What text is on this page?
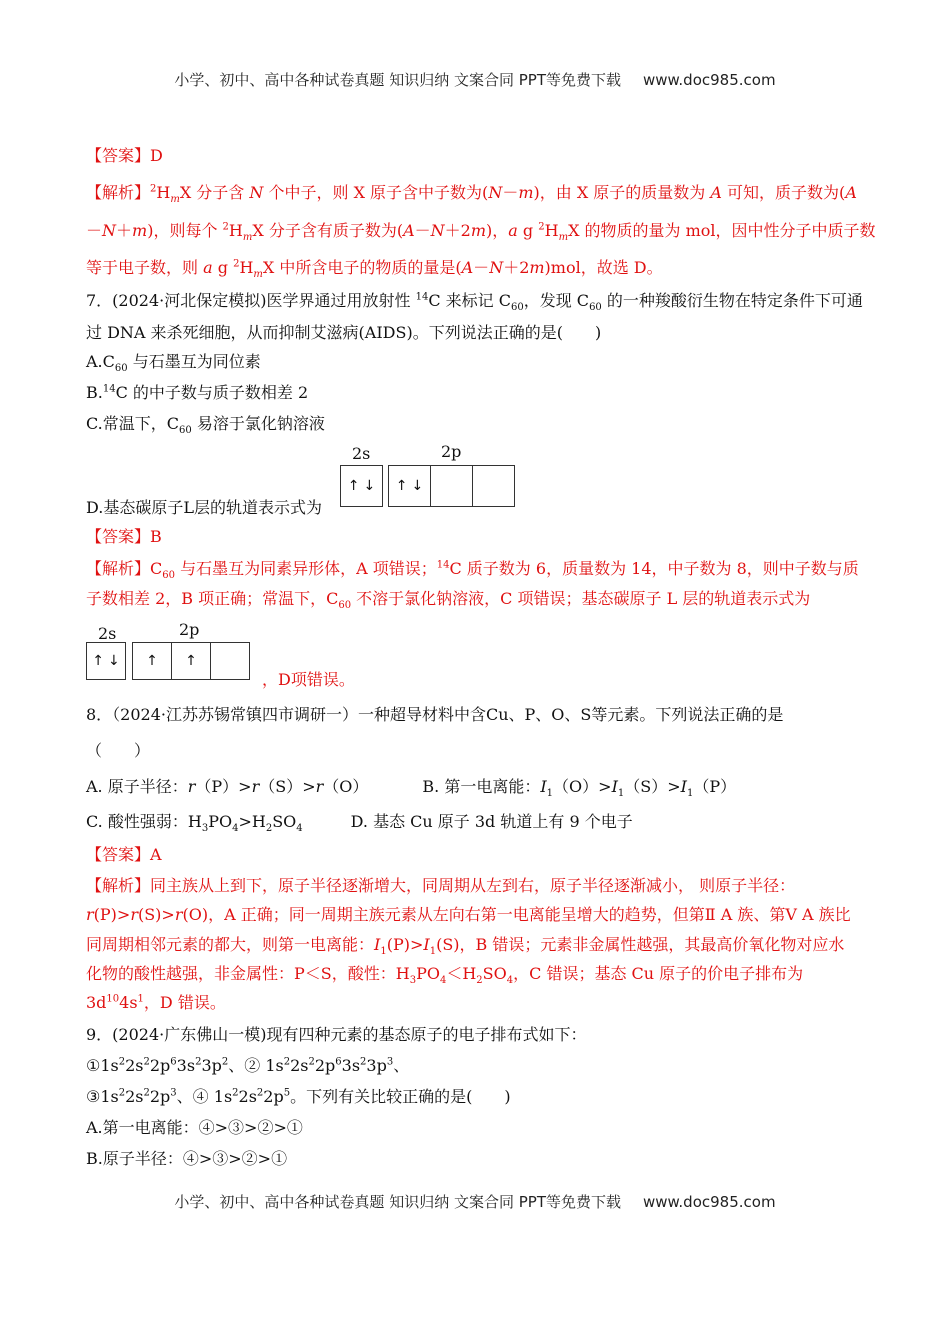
小学、初中、高中各种试卷真题 知识归纳 文案合同 PPT等免费下载 www.doc985.com
【答案】D
【解析】$^2H_mX$ 分子含 N 个中子，则 X 原子含中子数为(N－m)，由 X 原子的质量数为 A 可知，质子数为(A
－N＋m)，则每个 $^2H_mX$ 分子含有质子数为(A－N＋2m)，a g $^2H_mX$ 的物质的量为 mol，因中性分子中质子数
等于电子数，则 a g $^2H_mX$ 中所含电子的物质的量是(A－N＋2m)mol，故选 D。
7．(2024·河北保定模拟)医学界通过用放射性 $^{14}$C 来标记 $C_{60}$，发现 $C_{60}$ 的一种羧酸衍生物在特定条件下可通
过 DNA 来杀死细胞，从而抑制艾滋病(AIDS)。下列说法正确的是(　　)
$A.C_{60}$ 与石墨互为同位素
B.$^{14}$C 的中子数与质子数相差 2
C.常温下，$C_{60}$ 易溶于氯化钠溶液
D.基态碳原子L层的轨道表示式为
2s	2p
↑ ↓ ↑ ↓
【答案】B
【解析】$C_{60}$ 与石墨互为同素异形体，A 项错误；$^{14}$C 质子数为 6，质量数为 14，中子数为 8，则中子数与质
子数相差 2，B 项正确；常温下，$C_{60}$ 不溶于氯化钠溶液，C 项错误；基态碳原子 L 层的轨道表示式为
2s	2p
↑ ↓ ↑ ↑
，D项错误。
8．（2024·江苏苏锡常镇四市调研一）一种超导材料中含Cu、P、O、S等元素。下列说法正确的是
（　　）
A. 原子半径：r（P）>r（S）>r（O）	B. 第一电离能：$I_1(O)>I_1(S)>I_1(P)$
C. 酸性强弱：$H_3PO_4>H_2SO_4$	D. 基态 Cu 原子 3d 轨道上有 9 个电子
【答案】A
【解析】同主族从上到下，原子半径逐渐增大，同周期从左到右，原子半径逐渐减小， 则原子半径：
r(P)>r(S)>r(O)，A 正确；同一周期主族元素从左向右第一电离能呈增大的趋势，但第Ⅱ A 族、第Ⅴ A 族比
同周期相邻元素的都大，则第一电离能：$I_1(P)>I_1(S)$，B 错误；元素非金属性越强，其最高价氧化物对应水
化物的酸性越强，非金属性：P＜S，酸性：$H_3PO_4<H_2SO_4$，C 错误；基态 Cu 原子的价电子排布为
$3d^{10}4s^1$，D 错误。
9．(2024·广东佛山一模)现有四种元素的基态原子的电子排布式如下：
$①1s^22s^22p^63s^23p^2$、② $1s^22s^22p^63s^23p^3$、
$③1s^22s^22p^3$、④ $1s^22s^22p^5$。下列有关比较正确的是(　　)
A.第一电离能：④>③>②>①
B.原子半径：④>③>②>①
小学、初中、高中各种试卷真题 知识归纳 文案合同 PPT等免费下载 www.doc985.com
